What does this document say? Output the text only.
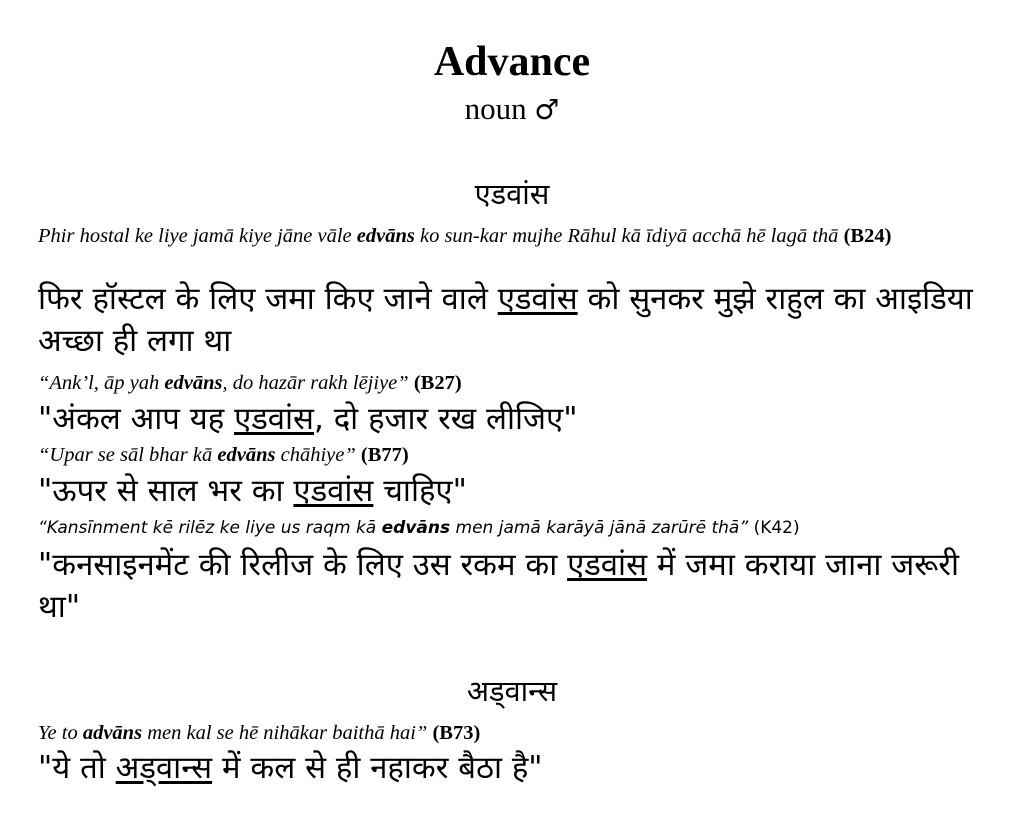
Advance
noun ♂
एडवांस
Phir hostal ke liye jamā kiye jāne vāle edvāns ko sun-kar mujhe Rāhul kā īdiyā acchā hē lagā thā (B24)
फिर हॉस्टल के लिए जमा किए जाने वाले एडवांस को सुनकर मुझे राहुल का आइडिया अच्छा ही लगा था
“Ank’l, āp yah edvāns, do hazār rakh lējiye” (B27)
"अंकल आप यह एडवांस, दो हजार रख लीजिए"
“Upar se sāl bhar kā edvāns chāhiye” (B77)
"ऊपर से साल भर का एडवांस चाहिए"
“Kansīnment kē rilēz ke liye us raqm kā edvāns men jamā karāyā jānā zarūrē thā” (K42)
"कनसाइनमेंट की रिलीज के लिए उस रकम का एडवांस में जमा कराया जाना जरूरी था"
अड्वान्स
Ye to advāns men kal se hē nihākar baithā hai” (B73)
"ये तो अड्वान्स में कल से ही नहाकर बैठा है"
